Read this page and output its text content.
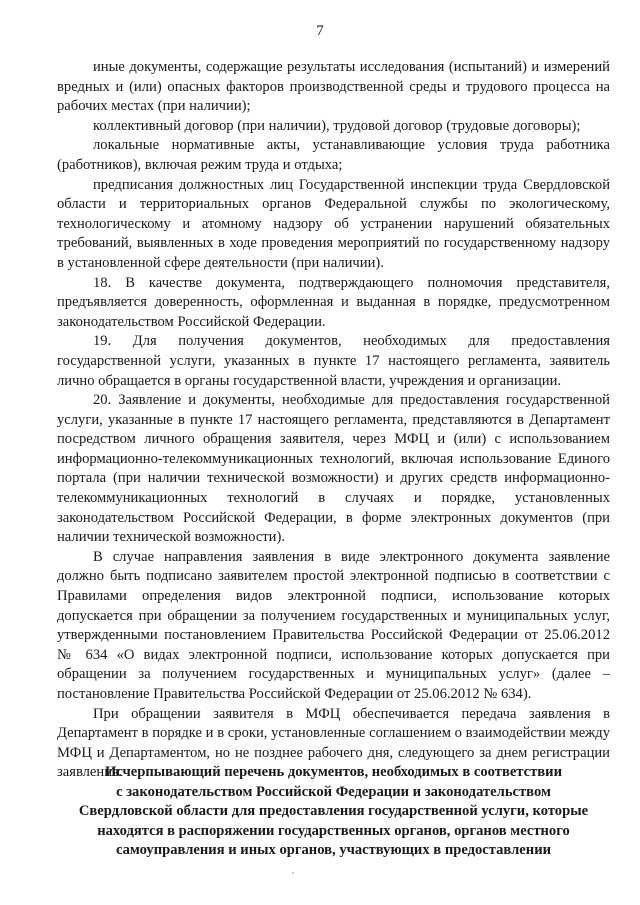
7

иные документы, содержащие результаты исследования (испытаний) и измерений вредных и (или) опасных факторов производственной среды и трудового процесса на рабочих местах (при наличии);

коллективный договор (при наличии), трудовой договор (трудовые договоры);

локальные нормативные акты, устанавливающие условия труда работника (работников), включая режим труда и отдыха;

предписания должностных лиц Государственной инспекции труда Свердловской области и территориальных органов Федеральной службы по экологическому, технологическому и атомному надзору об устранении нарушений обязательных требований, выявленных в ходе проведения мероприятий по государственному надзору в установленной сфере деятельности (при наличии).

18. В качестве документа, подтверждающего полномочия представителя, предъявляется доверенность, оформленная и выданная в порядке, предусмотренном законодательством Российской Федерации.

19. Для получения документов, необходимых для предоставления государственной услуги, указанных в пункте 17 настоящего регламента, заявитель лично обращается в органы государственной власти, учреждения и организации.

20. Заявление и документы, необходимые для предоставления государственной услуги, указанные в пункте 17 настоящего регламента, представляются в Департамент посредством личного обращения заявителя, через МФЦ и (или) с использованием информационно-телекоммуникационных технологий, включая использование Единого портала (при наличии технической возможности) и других средств информационно-телекоммуникационных технологий в случаях и порядке, установленных законодательством Российской Федерации, в форме электронных документов (при наличии технической возможности).

В случае направления заявления в виде электронного документа заявление должно быть подписано заявителем простой электронной подписью в соответствии с Правилами определения видов электронной подписи, использование которых допускается при обращении за получением государственных и муниципальных услуг, утвержденными постановлением Правительства Российской Федерации от 25.06.2012 № 634 «О видах электронной подписи, использование которых допускается при обращении за получением государственных и муниципальных услуг» (далее – постановление Правительства Российской Федерации от 25.06.2012 № 634).

При обращении заявителя в МФЦ обеспечивается передача заявления в Департамент в порядке и в сроки, установленные соглашением о взаимодействии между МФЦ и Департаментом, но не позднее рабочего дня, следующего за днем регистрации заявления.

Исчерпывающий перечень документов, необходимых в соответствии
с законодательством Российской Федерации и законодательством
Свердловской области для предоставления государственной услуги, которые
находятся в распоряжении государственных органов, органов местного
самоуправления и иных органов, участвующих в предоставлении
